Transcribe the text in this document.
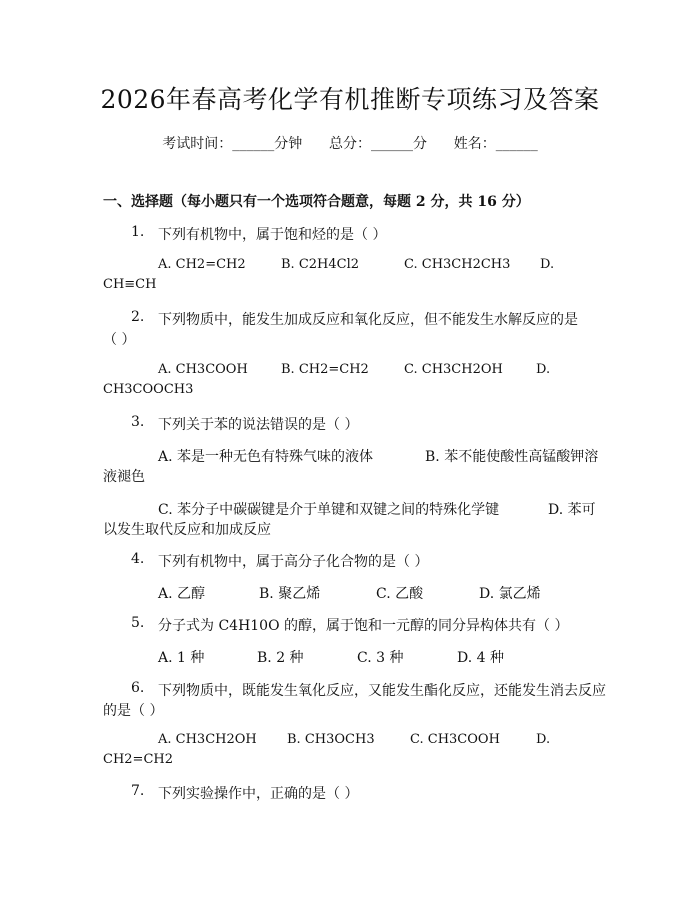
2026年春高考化学有机推断专项练习及答案
考试时间：______分钟 总分：______分 姓名：______
一、选择题（每小题只有一个选项符合题意，每题 2 分，共 16 分）
1. 下列有机物中，属于饱和烃的是（ ）
A. CH2=CH2	B. C2H4Cl2	C. CH3CH2CH3 D.
CH≡CH
2. 下列物质中，能发生加成反应和氧化反应，但不能发生水解反应的是
（ ）
A. CH3COOH	B. CH2=CH2	C. CH3CH2OH	D.
CH3COOCH3
3. 下列关于苯的说法错误的是（ ）
A. 苯是一种无色有特殊气味的液体	B. 苯不能使酸性高锰酸钾溶
液褪色
C. 苯分子中碳碳键是介于单键和双键之间的特殊化学键	D. 苯可
以发生取代反应和加成反应
4. 下列有机物中，属于高分子化合物的是（ ）
A. 乙醇	B. 聚乙烯	C. 乙酸	D. 氯乙烯
5. 分子式为 C4H10O 的醇，属于饱和一元醇的同分异构体共有（ ）
A. 1 种	B. 2 种	C. 3 种	D. 4 种
6. 下列物质中，既能发生氧化反应，又能发生酯化反应，还能发生消去反应
的是（ ）
A. CH3CH2OH B. CH3OCH3	C. CH3COOH	D.
CH2=CH2
7. 下列实验操作中，正确的是（ ）
